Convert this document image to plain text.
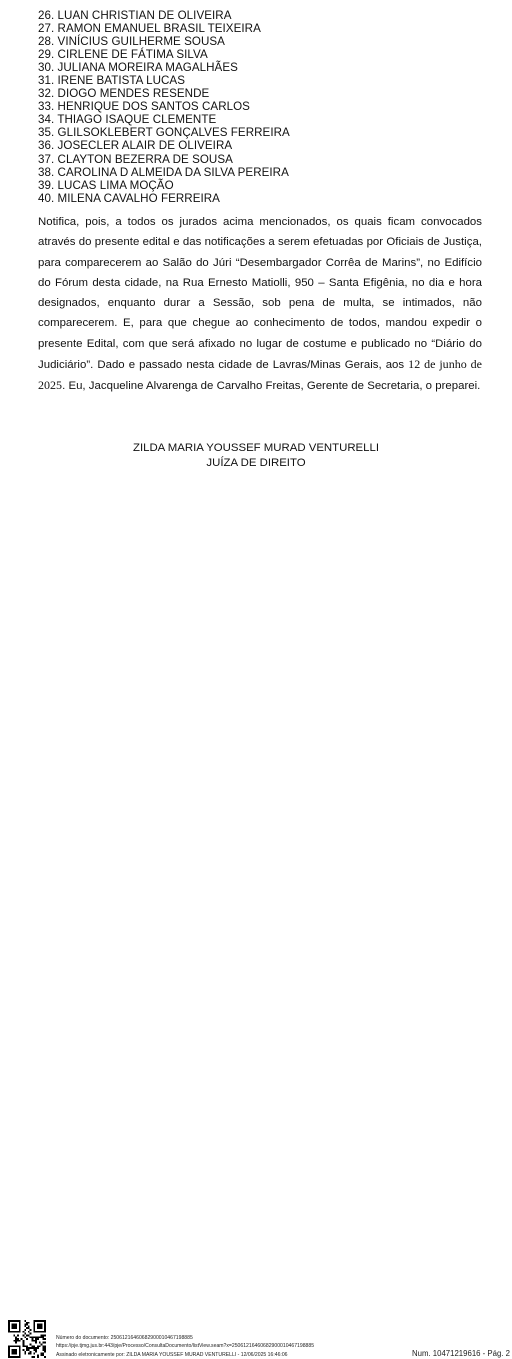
26. LUAN CHRISTIAN DE OLIVEIRA
27. RAMON EMANUEL BRASIL TEIXEIRA
28. VINÍCIUS GUILHERME SOUSA
29. CIRLENE DE FÁTIMA SILVA
30. JULIANA MOREIRA MAGALHÃES
31. IRENE BATISTA LUCAS
32. DIOGO MENDES RESENDE
33. HENRIQUE DOS SANTOS CARLOS
34. THIAGO ISAQUE CLEMENTE
35. GLILSOKLEBERT GONÇALVES FERREIRA
36. JOSECLER ALAIR DE OLIVEIRA
37. CLAYTON BEZERRA DE SOUSA
38. CAROLINA D ALMEIDA DA SILVA PEREIRA
39. LUCAS LIMA MOÇÃO
40. MILENA CAVALHO FERREIRA

Notifica, pois, a todos os jurados acima mencionados, os quais ficam convocados através do presente edital e das notificações a serem efetuadas por Oficiais de Justiça, para comparecerem ao Salão do Júri “Desembargador Corrêa de Marins”, no Edifício do Fórum desta cidade, na Rua Ernesto Matiolli, 950 – Santa Efigênia, no dia e hora designados, enquanto durar a Sessão, sob pena de multa, se intimados, não comparecerem. E, para que chegue ao conhecimento de todos, mandou expedir o presente Edital, com que será afixado no lugar de costume e publicado no “Diário do Judiciário”. Dado e passado nesta cidade de Lavras/Minas Gerais, aos 12 de junho de 2025. Eu, Jacqueline Alvarenga de Carvalho Freitas, Gerente de Secretaria, o preparei.

ZILDA MARIA YOUSSEF MURAD VENTURELLI
JUÍZA DE DIREITO
Número do documento: 25061216460682900010467198885
https://pje.tjmg.jus.br:443/pje/Processo/ConsultaDocumento/listView.seam?x=25061216460682900010467198885
Assinado eletronicamente por: ZILDA MARIA YOUSSEF MURAD VENTURELLI - 12/06/2025 16:46:06	Num. 10471219616 - Pág. 2
